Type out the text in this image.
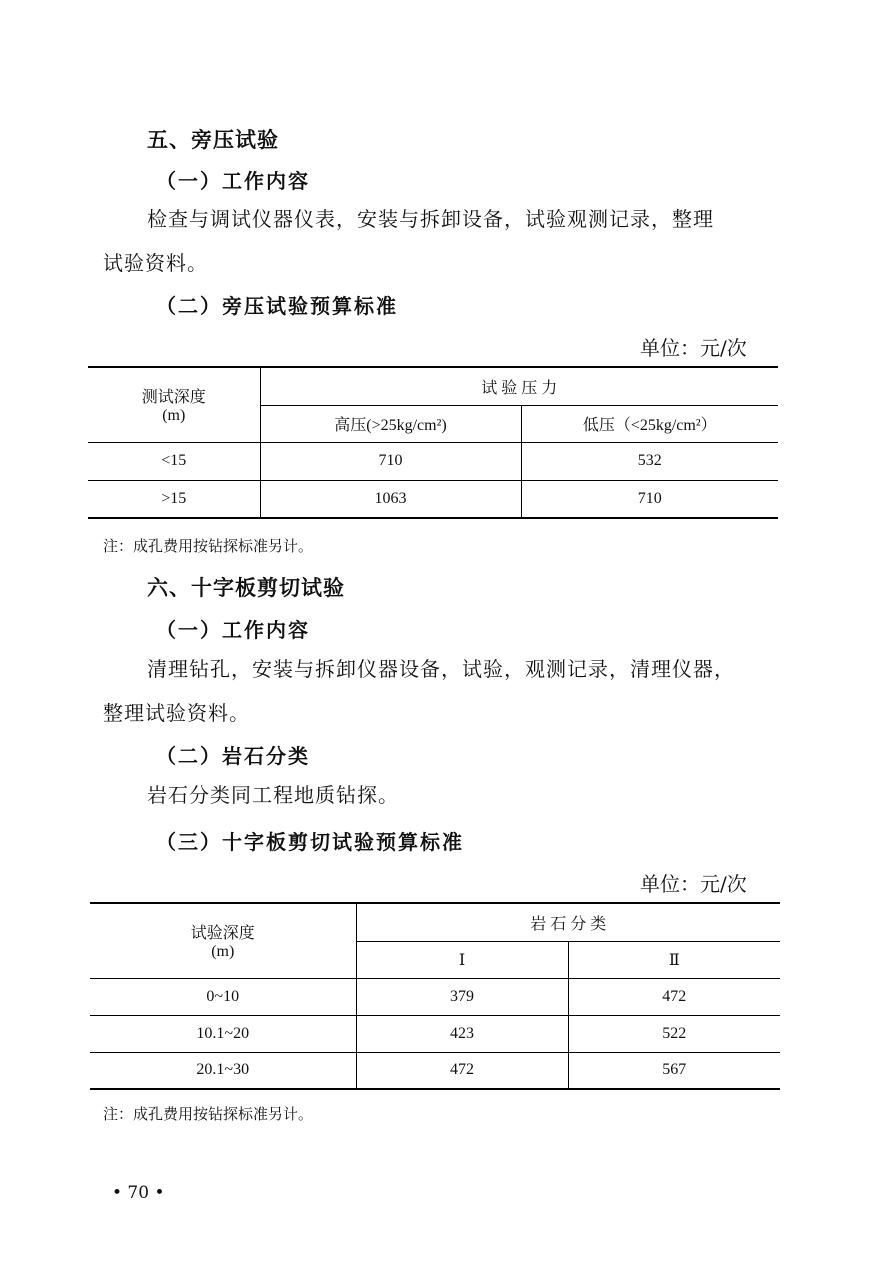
五、旁压试验
（一）工作内容
检查与调试仪器仪表，安装与拆卸设备，试验观测记录，整理
试验资料。
（二）旁压试验预算标准
单位：元/次
测试深度
(m)	试 验 压 力	
	高压(>25kg/cm²)	低压（<25kg/cm²）
<15	710	532
>15	1063	710
注：成孔费用按钻探标准另计。
六、十字板剪切试验
（一）工作内容
清理钻孔，安装与拆卸仪器设备，试验，观测记录，清理仪器，
整理试验资料。
（二）岩石分类
岩石分类同工程地质钻探。
（三）十字板剪切试验预算标准
单位：元/次
试验深度
(m)	岩 石 分 类	
	Ⅰ	Ⅱ
0~10	379	472
10.1~20	423	522
20.1~30	472	567
注：成孔费用按钻探标准另计。
• 70 •
